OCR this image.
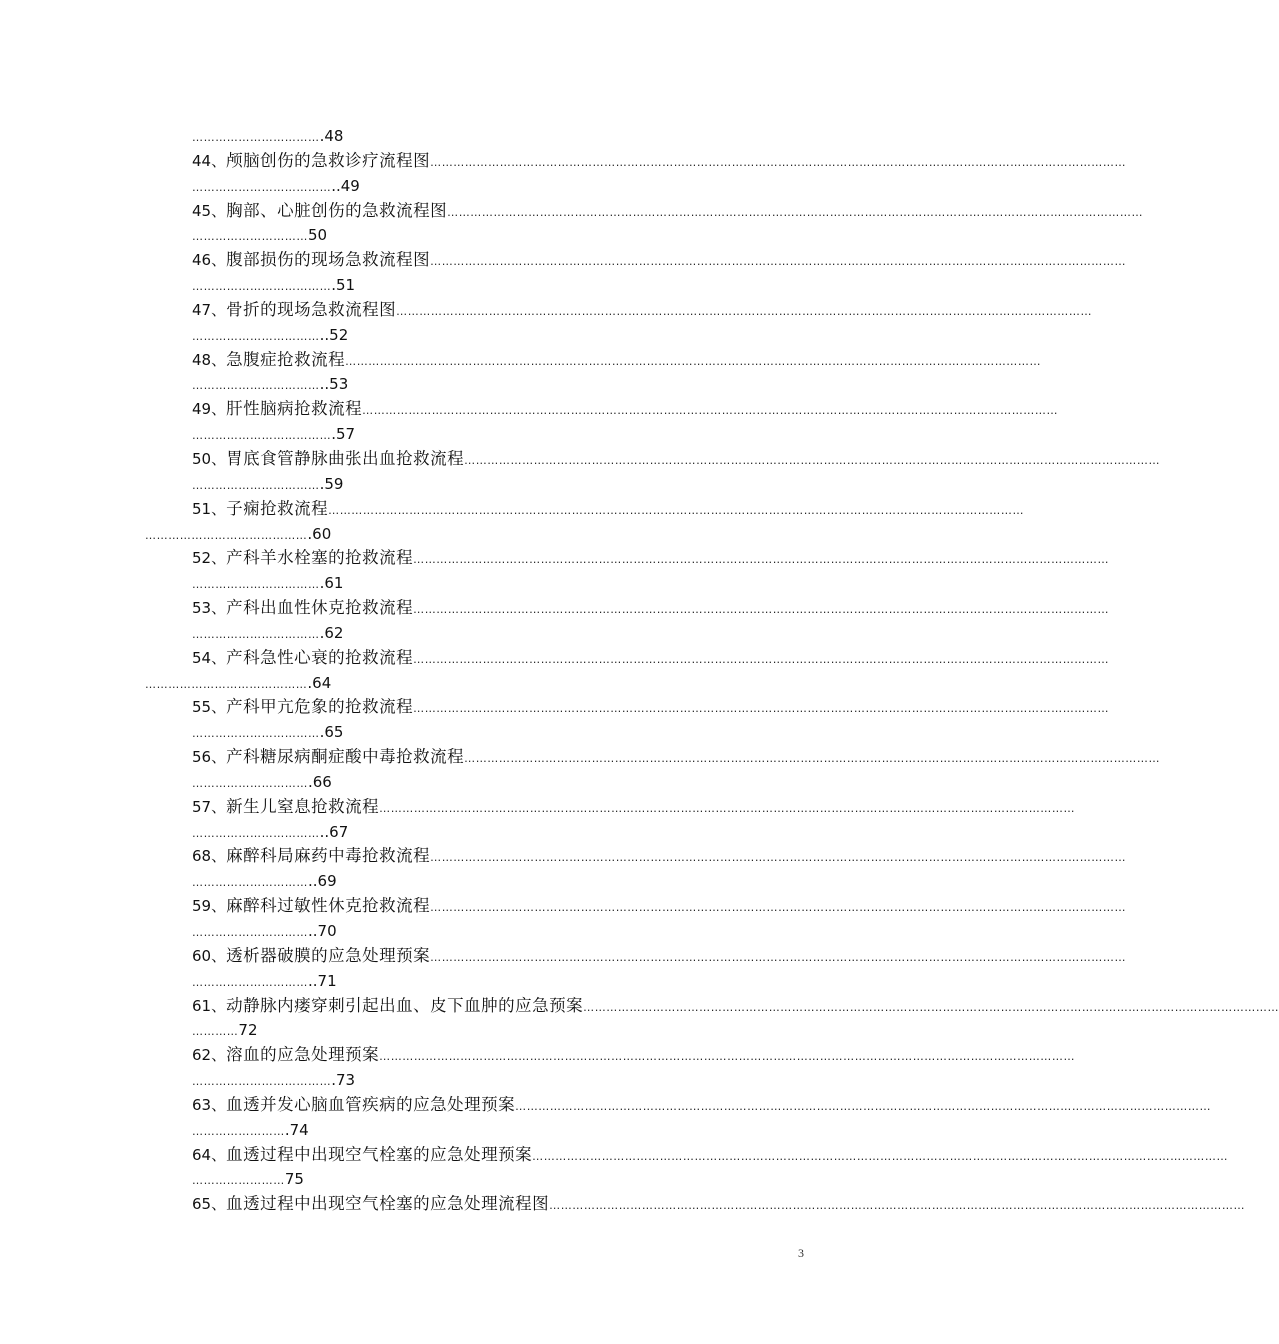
…………………………….48
44、颅脑创伤的急救诊疗流程图………………………………………………………………………………………………………………………………………………………………
………………………………..49
45、胸部、心脏创伤的急救流程图………………………………………………………………………………………………………………………………………………………………
…………………………50
46、腹部损伤的现场急救流程图………………………………………………………………………………………………………………………………………………………………
……………………………….51
47、骨折的现场急救流程图………………………………………………………………………………………………………………………………………………………………
……………………………..52
48、急腹症抢救流程………………………………………………………………………………………………………………………………………………………………
……………………………..53
49、肝性脑病抢救流程………………………………………………………………………………………………………………………………………………………………
……………………………….57
50、胃底食管静脉曲张出血抢救流程………………………………………………………………………………………………………………………………………………………………
…………………………….59
51、子痫抢救流程………………………………………………………………………………………………………………………………………………………………
…………………………………….60
52、产科羊水栓塞的抢救流程………………………………………………………………………………………………………………………………………………………………
…………………………….61
53、产科出血性休克抢救流程………………………………………………………………………………………………………………………………………………………………
…………………………….62
54、产科急性心衰的抢救流程………………………………………………………………………………………………………………………………………………………………
…………………………………….64
55、产科甲亢危象的抢救流程………………………………………………………………………………………………………………………………………………………………
…………………………….65
56、产科糖尿病酮症酸中毒抢救流程………………………………………………………………………………………………………………………………………………………………
………………………….66
57、新生儿窒息抢救流程………………………………………………………………………………………………………………………………………………………………
……………………………..67
68、麻醉科局麻药中毒抢救流程………………………………………………………………………………………………………………………………………………………………
…………………………..69
59、麻醉科过敏性休克抢救流程………………………………………………………………………………………………………………………………………………………………
…………………………..70
60、透析器破膜的应急处理预案………………………………………………………………………………………………………………………………………………………………
…………………………..71
61、动静脉内瘘穿刺引起出血、皮下血肿的应急预案………………………………………………………………………………………………………………………………………………………………
…………72
62、溶血的应急处理预案………………………………………………………………………………………………………………………………………………………………
……………………………….73
63、血透并发心脑血管疾病的应急处理预案………………………………………………………………………………………………………………………………………………………………
…………………….74
64、血透过程中出现空气栓塞的应急处理预案………………………………………………………………………………………………………………………………………………………………
……………………75
65、血透过程中出现空气栓塞的应急处理流程图………………………………………………………………………………………………………………………………………………………………
3
